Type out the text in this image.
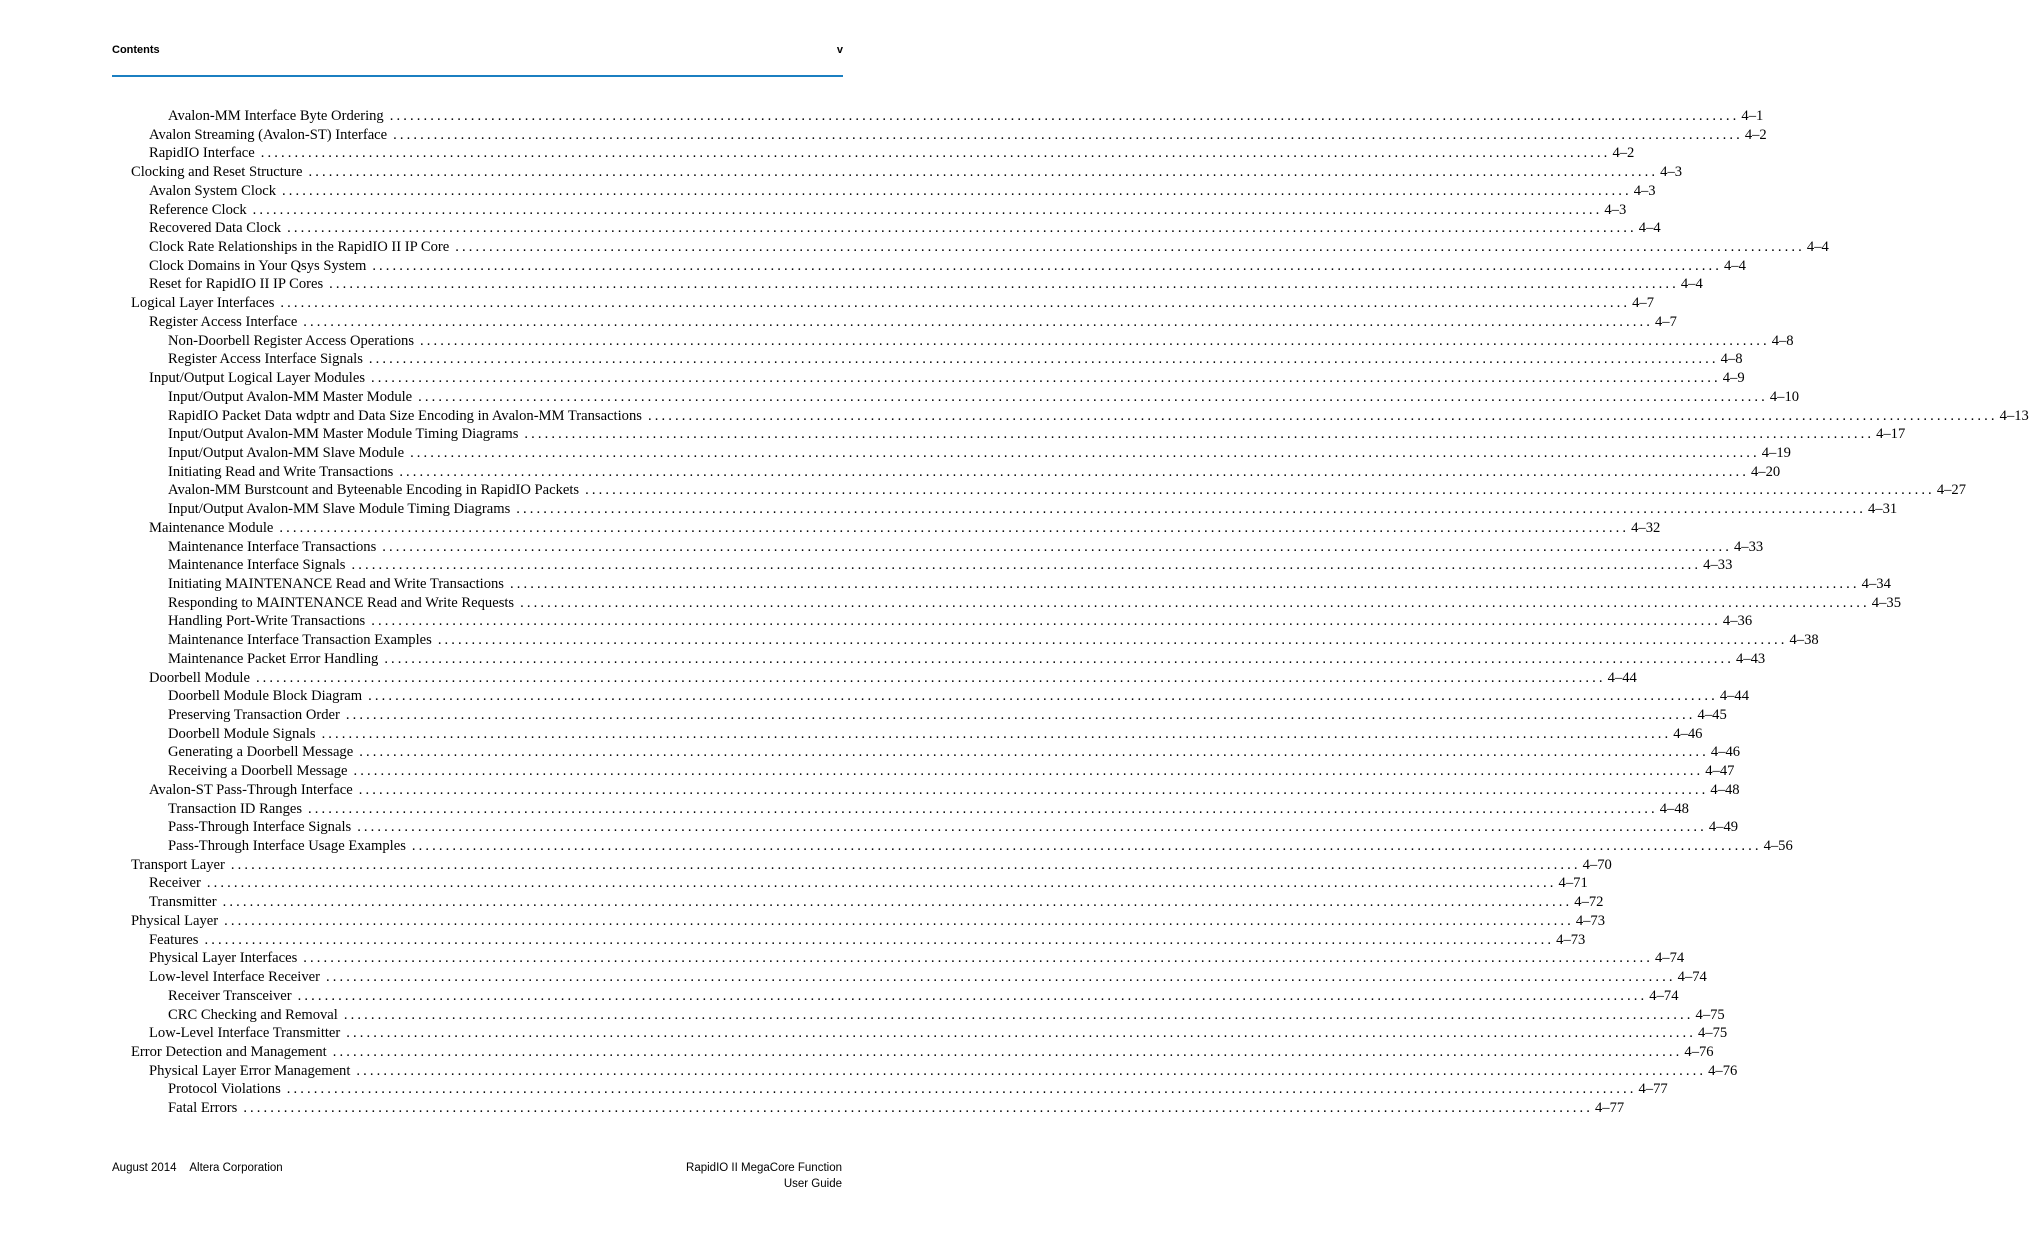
Contents	v
Avalon-MM Interface Byte Ordering ........................................................................................................................................................................................................ 4–1
Avalon Streaming (Avalon-ST) Interface ........................................................................................................................................................................................................ 4–2
RapidIO Interface ........................................................................................................................................................................................................ 4–2
Clocking and Reset Structure ........................................................................................................................................................................................................ 4–3
Avalon System Clock ........................................................................................................................................................................................................ 4–3
Reference Clock ........................................................................................................................................................................................................ 4–3
Recovered Data Clock ........................................................................................................................................................................................................ 4–4
Clock Rate Relationships in the RapidIO II IP Core ........................................................................................................................................................................................................ 4–4
Clock Domains in Your Qsys System ........................................................................................................................................................................................................ 4–4
Reset for RapidIO II IP Cores ........................................................................................................................................................................................................ 4–4
Logical Layer Interfaces ........................................................................................................................................................................................................ 4–7
Register Access Interface ........................................................................................................................................................................................................ 4–7
Non-Doorbell Register Access Operations ........................................................................................................................................................................................................ 4–8
Register Access Interface Signals ........................................................................................................................................................................................................ 4–8
Input/Output Logical Layer Modules ........................................................................................................................................................................................................ 4–9
Input/Output Avalon-MM Master Module ........................................................................................................................................................................................................ 4–10
RapidIO Packet Data wdptr and Data Size Encoding in Avalon-MM Transactions ........................................................................................................................................................................................................ 4–13
Input/Output Avalon-MM Master Module Timing Diagrams ........................................................................................................................................................................................................ 4–17
Input/Output Avalon-MM Slave Module ........................................................................................................................................................................................................ 4–19
Initiating Read and Write Transactions ........................................................................................................................................................................................................ 4–20
Avalon-MM Burstcount and Byteenable Encoding in RapidIO Packets ........................................................................................................................................................................................................ 4–27
Input/Output Avalon-MM Slave Module Timing Diagrams ........................................................................................................................................................................................................ 4–31
Maintenance Module ........................................................................................................................................................................................................ 4–32
Maintenance Interface Transactions ........................................................................................................................................................................................................ 4–33
Maintenance Interface Signals ........................................................................................................................................................................................................ 4–33
Initiating MAINTENANCE Read and Write Transactions ........................................................................................................................................................................................................ 4–34
Responding to MAINTENANCE Read and Write Requests ........................................................................................................................................................................................................ 4–35
Handling Port-Write Transactions ........................................................................................................................................................................................................ 4–36
Maintenance Interface Transaction Examples ........................................................................................................................................................................................................ 4–38
Maintenance Packet Error Handling ........................................................................................................................................................................................................ 4–43
Doorbell Module ........................................................................................................................................................................................................ 4–44
Doorbell Module Block Diagram ........................................................................................................................................................................................................ 4–44
Preserving Transaction Order ........................................................................................................................................................................................................ 4–45
Doorbell Module Signals ........................................................................................................................................................................................................ 4–46
Generating a Doorbell Message ........................................................................................................................................................................................................ 4–46
Receiving a Doorbell Message ........................................................................................................................................................................................................ 4–47
Avalon-ST Pass-Through Interface ........................................................................................................................................................................................................ 4–48
Transaction ID Ranges ........................................................................................................................................................................................................ 4–48
Pass-Through Interface Signals ........................................................................................................................................................................................................ 4–49
Pass-Through Interface Usage Examples ........................................................................................................................................................................................................ 4–56
Transport Layer ........................................................................................................................................................................................................ 4–70
Receiver ........................................................................................................................................................................................................ 4–71
Transmitter ........................................................................................................................................................................................................ 4–72
Physical Layer ........................................................................................................................................................................................................ 4–73
Features ........................................................................................................................................................................................................ 4–73
Physical Layer Interfaces ........................................................................................................................................................................................................ 4–74
Low-level Interface Receiver ........................................................................................................................................................................................................ 4–74
Receiver Transceiver ........................................................................................................................................................................................................ 4–74
CRC Checking and Removal ........................................................................................................................................................................................................ 4–75
Low-Level Interface Transmitter ........................................................................................................................................................................................................ 4–75
Error Detection and Management ........................................................................................................................................................................................................ 4–76
Physical Layer Error Management ........................................................................................................................................................................................................ 4–76
Protocol Violations ........................................................................................................................................................................................................ 4–77
Fatal Errors ........................................................................................................................................................................................................ 4–77
August 2014 Altera Corporation	RapidIO II MegaCore Function
User Guide
